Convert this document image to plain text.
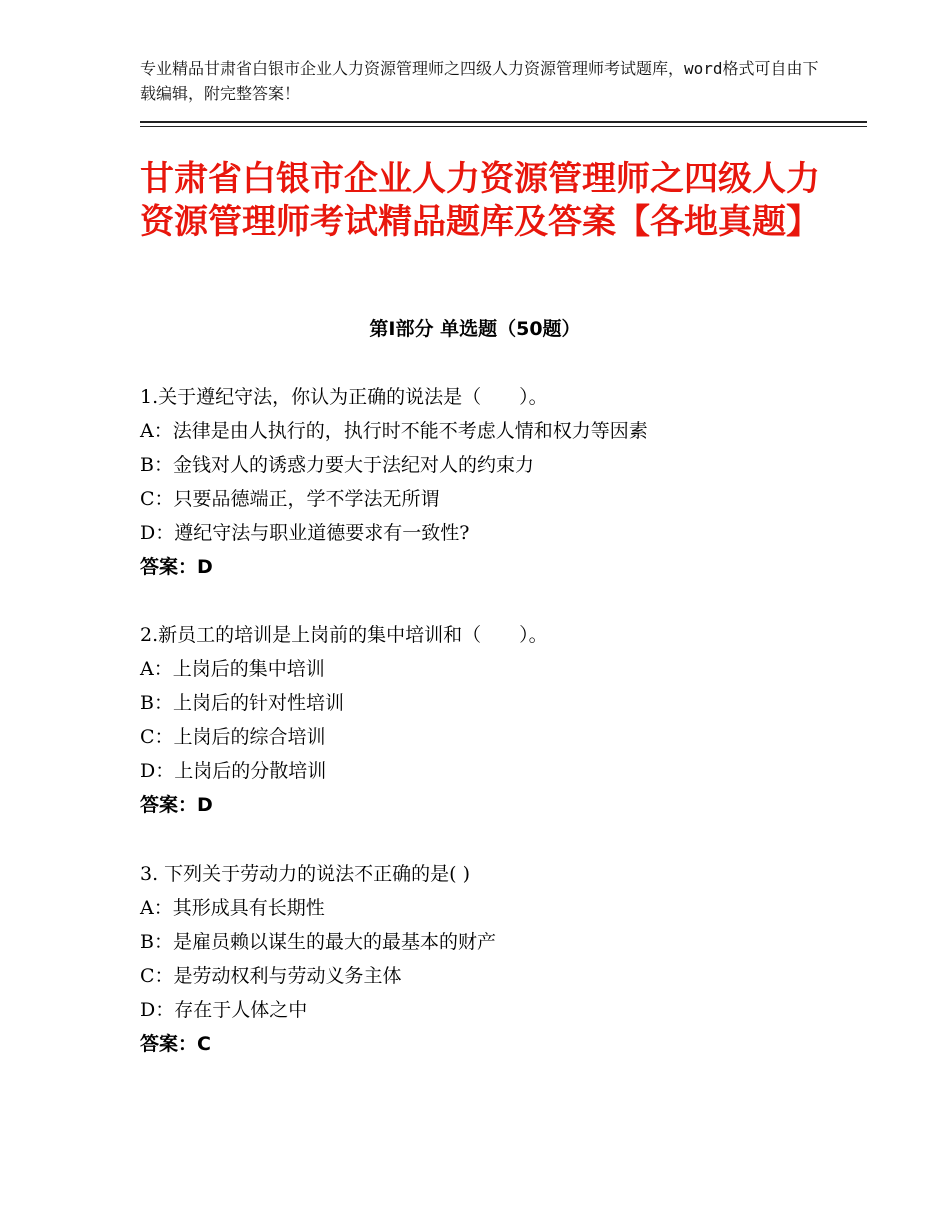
专业精品甘肃省白银市企业人力资源管理师之四级人力资源管理师考试题库，word格式可自由下载编辑，附完整答案！
甘肃省白银市企业人力资源管理师之四级人力资源管理师考试精品题库及答案【各地真题】
第Ⅰ部分 单选题（50题）
1.关于遵纪守法，你认为正确的说法是（　　）。
A：法律是由人执行的，执行时不能不考虑人情和权力等因素
B：金钱对人的诱惑力要大于法纪对人的约束力
C：只要品德端正，学不学法无所谓
D：遵纪守法与职业道德要求有一致性?
答案：D
2.新员工的培训是上岗前的集中培训和（　　）。
A：上岗后的集中培训
B：上岗后的针对性培训
C：上岗后的综合培训
D：上岗后的分散培训
答案：D
3. 下列关于劳动力的说法不正确的是( )
A：其形成具有长期性
B：是雇员赖以谋生的最大的最基本的财产
C：是劳动权利与劳动义务主体
D：存在于人体之中
答案：C
